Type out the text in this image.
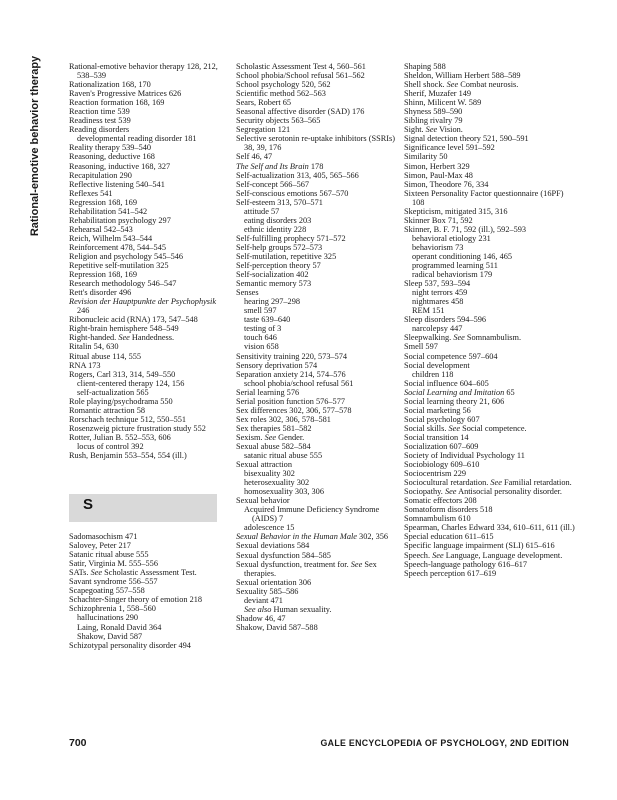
Rational-emotive behavior therapy	Rational-emotive behavior therapy 128, 212, 538–539
Rationalization 168, 170
Raven's Progressive Matrices 626
Reaction formation 168, 169
Reaction time 539
Readiness test 539
Reading disorders
developmental reading disorder 181
Reality therapy 539–540
Reasoning, deductive 168
Reasoning, inductive 168, 327
Recapitulation 290
Reflective listening 540–541
Reflexes 541
Regression 168, 169
Rehabilitation 541–542
Rehabilitation psychology 297
Rehearsal 542–543
Reich, Wilhelm 543–544
Reinforcement 478, 544–545
Religion and psychology 545–546
Repetitive self-mutilation 325
Repression 168, 169
Research methodology 546–547
Rett's disorder 496
Revision der Hauptpunkte der Psychophysik 246
Ribonucleic acid (RNA) 173, 547–548
Right-brain hemisphere 548–549
Right-handed. See Handedness.
Ritalin 54, 630
Ritual abuse 114, 555
RNA 173
Rogers, Carl 313, 314, 549–550
client-centered therapy 124, 156
self-actualization 565
Role playing/psychodrama 550
Romantic attraction 58
Rorschach technique 512, 550–551
Rosenzweig picture frustration study 552
Rotter, Julian B. 552–553, 606
locus of control 392
Rush, Benjamin 553–554, 554 (ill.)
S
Sadomasochism 471
Salovey, Peter 217
Satanic ritual abuse 555
Satir, Virginia M. 555–556
SATs. See Scholastic Assessment Test.
Savant syndrome 556–557
Scapegoating 557–558
Schachter-Singer theory of emotion 218
Schizophrenia 1, 558–560
hallucinations 290
Laing, Ronald David 364
Shakow, David 587
Schizotypal personality disorder 494
Scholastic Assessment Test 4, 560–561
School phobia/School refusal 561–562
School psychology 520, 562
Scientific method 562–563
Sears, Robert 65
Seasonal affective disorder (SAD) 176
Security objects 563–565
Segregation 121
Selective serotonin re-uptake inhibitors (SSRIs) 38, 39, 176
Self 46, 47
The Self and Its Brain 178
Self-actualization 313, 405, 565–566
Self-concept 566–567
Self-conscious emotions 567–570
Self-esteem 313, 570–571
attitude 57
eating disorders 203
ethnic identity 228
Self-fulfilling prophecy 571–572
Self-help groups 572–573
Self-mutilation, repetitive 325
Self-perception theory 57
Self-socialization 402
Semantic memory 573
Senses
hearing 297–298
smell 597
taste 639–640
testing of 3
touch 646
vision 658
Sensitivity training 220, 573–574
Sensory deprivation 574
Separation anxiety 214, 574–576
school phobia/school refusal 561
Serial learning 576
Serial position function 576–577
Sex differences 302, 306, 577–578
Sex roles 302, 306, 578–581
Sex therapies 581–582
Sexism. See Gender.
Sexual abuse 582–584
satanic ritual abuse 555
Sexual attraction
bisexuality 302
heterosexuality 302
homosexuality 303, 306
Sexual behavior
Acquired Immune Deficiency Syndrome (AIDS) 7
adolescence 15
Sexual Behavior in the Human Male 302, 356
Sexual deviations 584
Sexual dysfunction 584–585
Sexual dysfunction, treatment for. See Sex therapies.
Sexual orientation 306
Sexuality 585–586
deviant 471
See also Human sexuality.
Shadow 46, 47
Shakow, David 587–588
Shaping 588
Sheldon, William Herbert 588–589
Shell shock. See Combat neurosis.
Sherif, Muzafer 149
Shinn, Milicent W. 589
Shyness 589–590
Sibling rivalry 79
Sight. See Vision.
Signal detection theory 521, 590–591
Significance level 591–592
Similarity 50
Simon, Herbert 329
Simon, Paul-Max 48
Simon, Theodore 76, 334
Sixteen Personality Factor questionnaire (16PF) 108
Skepticism, mitigated 315, 316
Skinner Box 71, 592
Skinner, B. F. 71, 592 (ill.), 592–593
behavioral etiology 231
behaviorism 73
operant conditioning 146, 465
programmed learning 511
radical behaviorism 179
Sleep 537, 593–594
night terrors 459
nightmares 458
REM 151
Sleep disorders 594–596
narcolepsy 447
Sleepwalking. See Somnambulism.
Smell 597
Social competence 597–604
Social development
children 118
Social influence 604–605
Social Learning and Imitation 65
Social learning theory 21, 606
Social marketing 56
Social psychology 607
Social skills. See Social competence.
Social transition 14
Socialization 607–609
Society of Individual Psychology 11
Sociobiology 609–610
Sociocentrism 229
Sociocultural retardation. See Familial retardation.
Sociopathy. See Antisocial personality disorder.
Somatic effectors 208
Somatoform disorders 518
Somnambulism 610
Spearman, Charles Edward 334, 610–611, 611 (ill.)
Special education 611–615
Specific language impairment (SLI) 615–616
Speech. See Language, Language development.
Speech-language pathology 616–617
Speech perception 617–619
700	GALE ENCYCLOPEDIA OF PSYCHOLOGY, 2ND EDITION
